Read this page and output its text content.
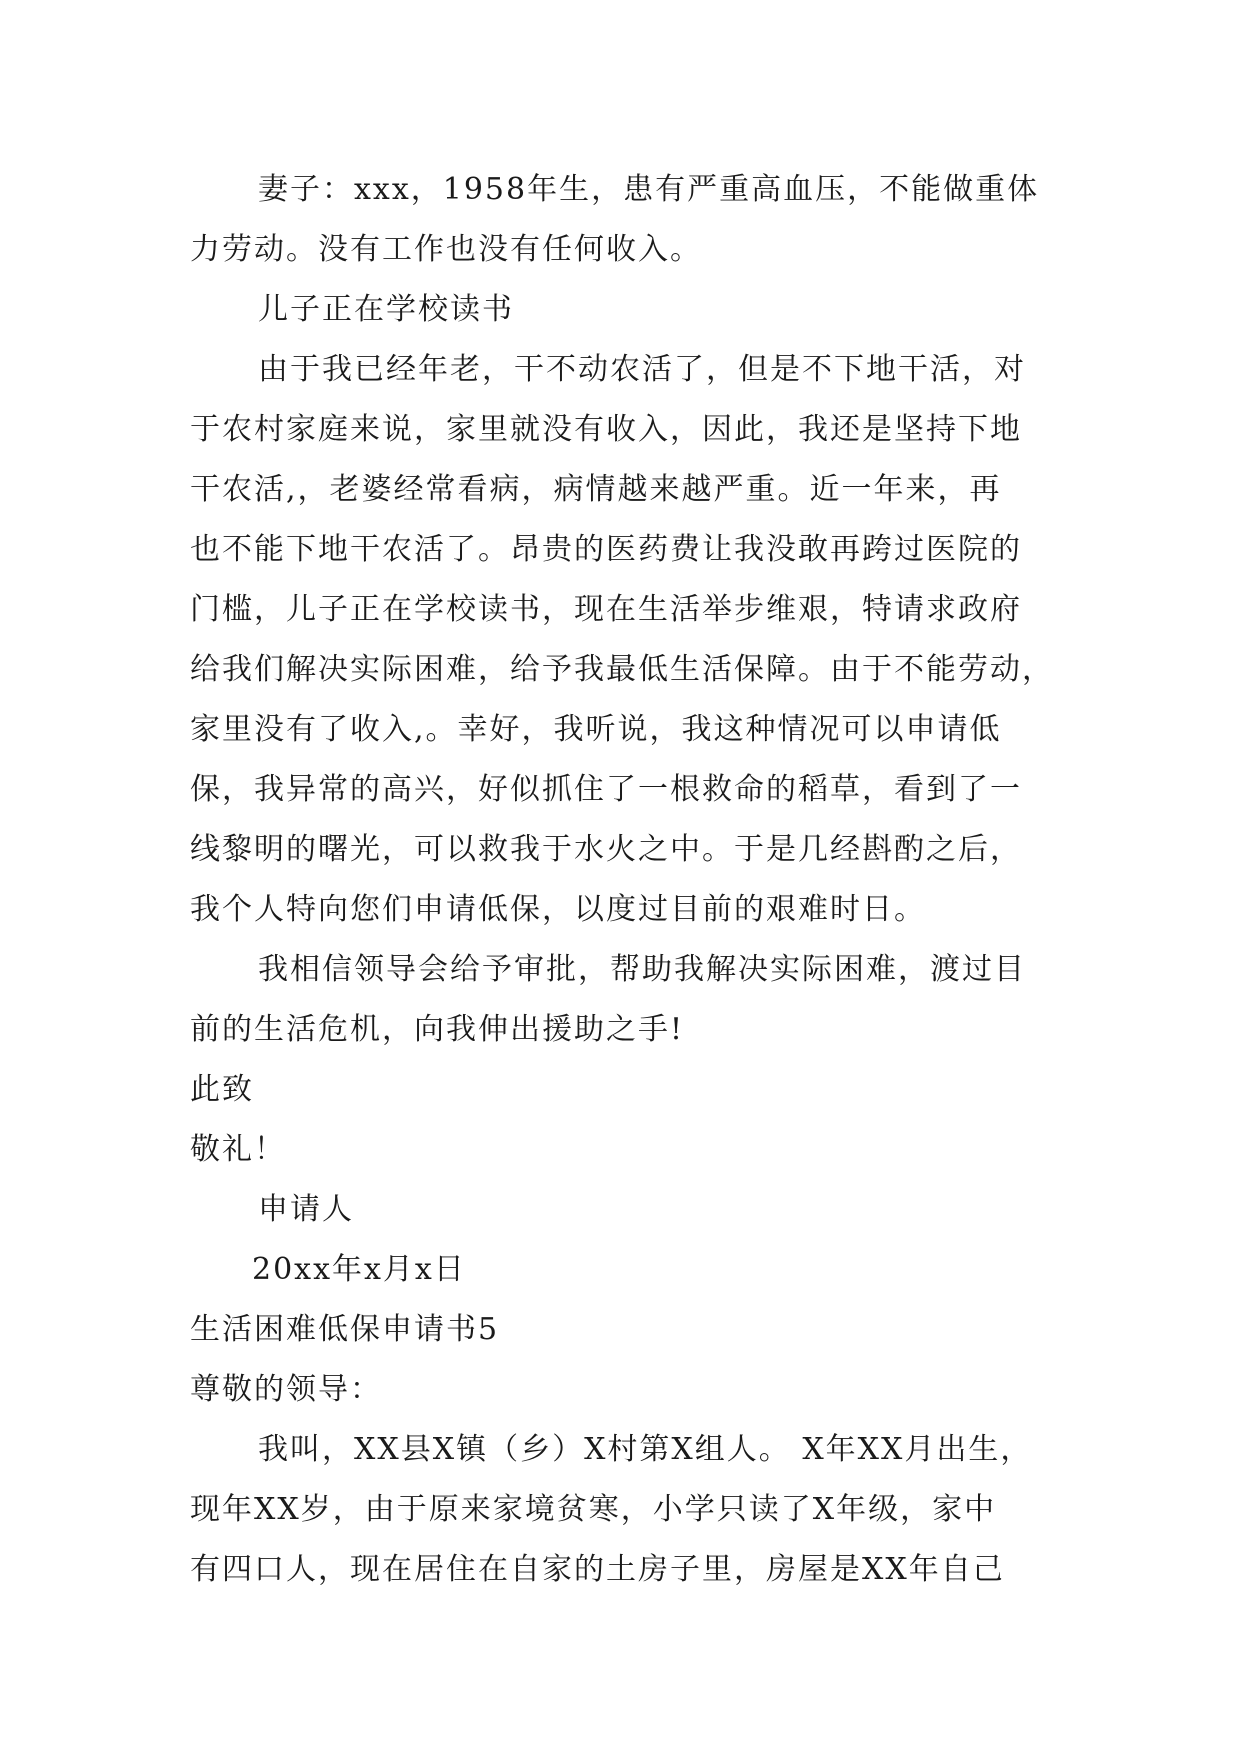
妻子：xxx，1958年生，患有严重高血压，不能做重体
力劳动。没有工作也没有任何收入。
儿子正在学校读书
由于我已经年老，干不动农活了，但是不下地干活，对
于农村家庭来说，家里就没有收入，因此，我还是坚持下地
干农活,，老婆经常看病，病情越来越严重。近一年来，再
也不能下地干农活了。昂贵的医药费让我没敢再跨过医院的
门槛，儿子正在学校读书，现在生活举步维艰，特请求政府
给我们解决实际困难，给予我最低生活保障。由于不能劳动，
家里没有了收入,。幸好，我听说，我这种情况可以申请低
保，我异常的高兴，好似抓住了一根救命的稻草，看到了一
线黎明的曙光，可以救我于水火之中。于是几经斟酌之后，
我个人特向您们申请低保，以度过目前的艰难时日。
我相信领导会给予审批，帮助我解决实际困难，渡过目
前的生活危机，向我伸出援助之手!
此致
敬礼！
申请人
20xx年x月x日
生活困难低保申请书5
尊敬的领导：
我叫，XX县X镇（乡）X村第X组人。 X年XX月出生，
现年XX岁，由于原来家境贫寒，小学只读了X年级，家中
有四口人，现在居住在自家的土房子里，房屋是XX年自己
